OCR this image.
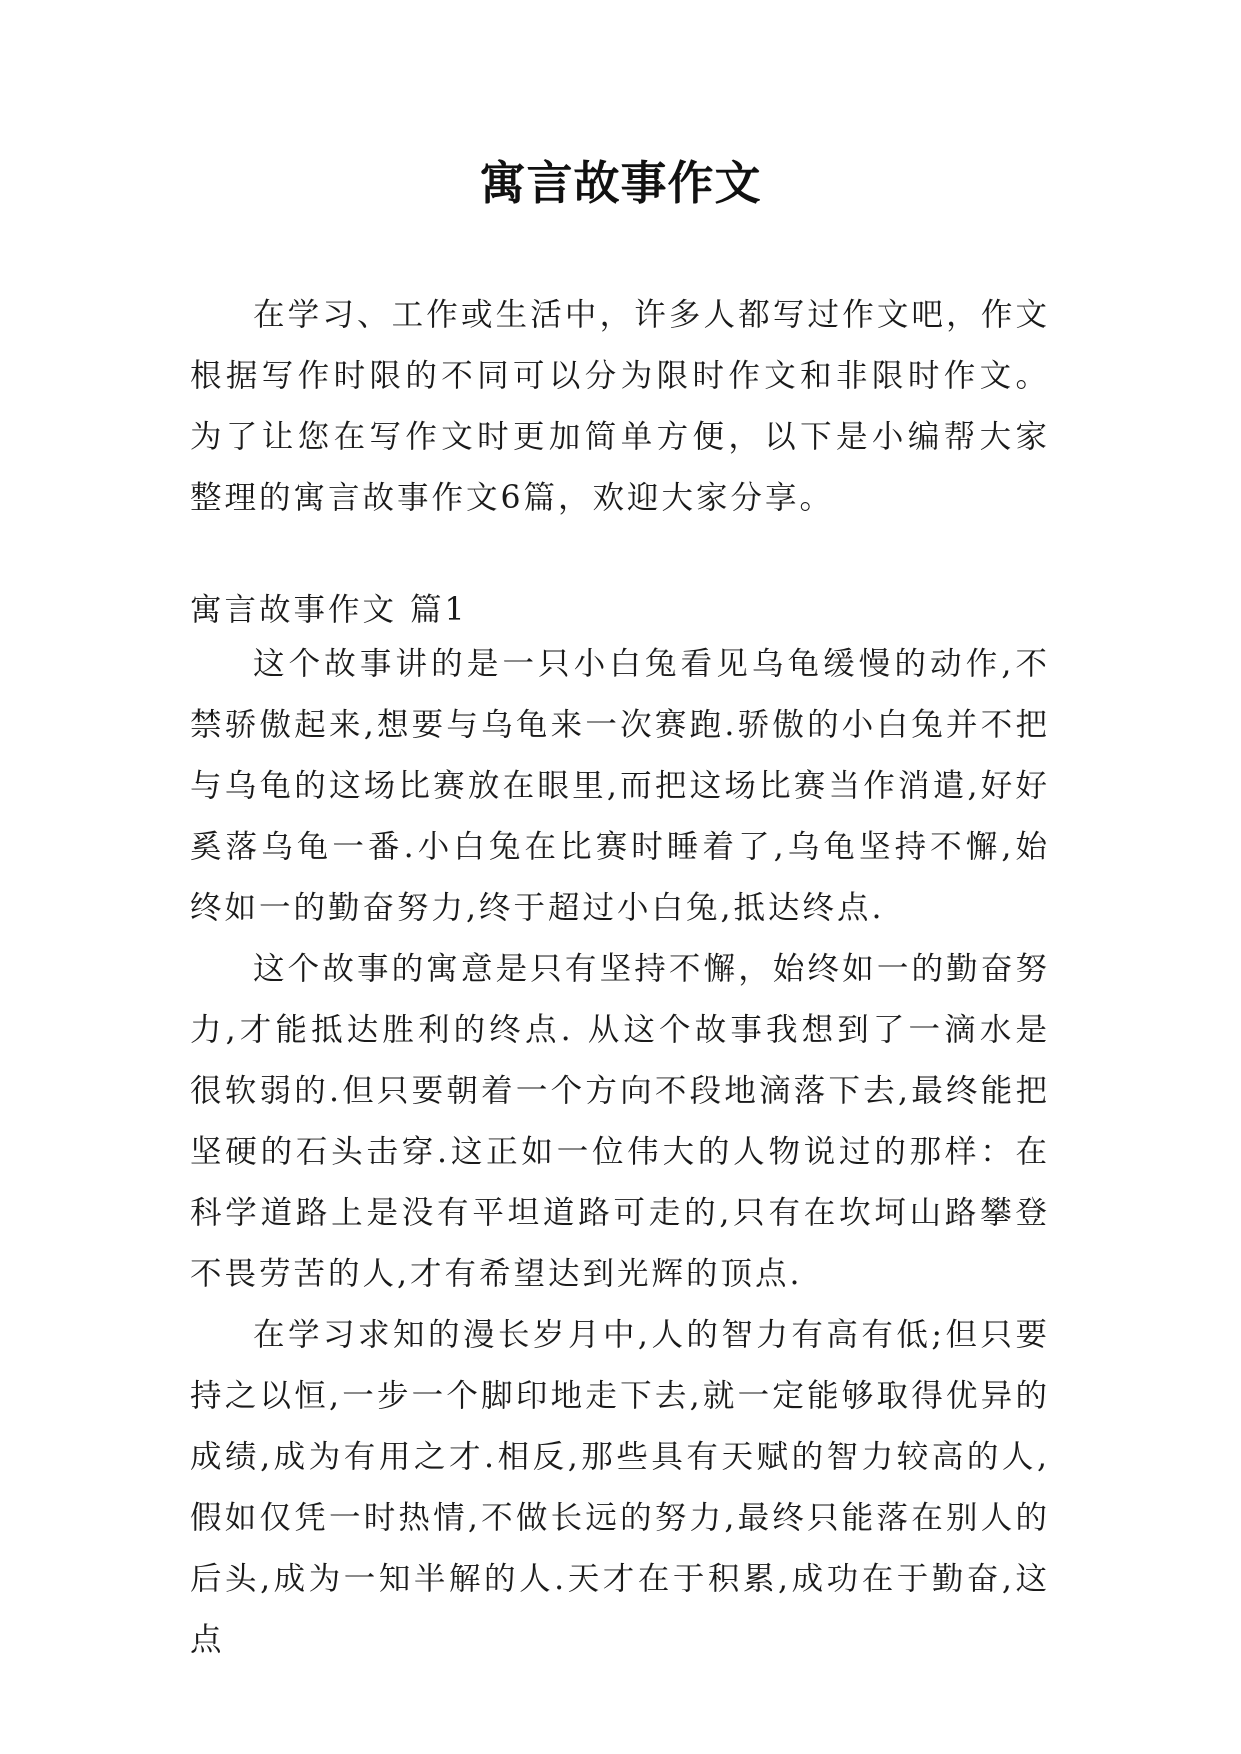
寓言故事作文

在学习、工作或生活中，许多人都写过作文吧，作文根据写作时限的不同可以分为限时作文和非限时作文。为了让您在写作文时更加简单方便，以下是小编帮大家整理的寓言故事作文6篇，欢迎大家分享。

寓言故事作文 篇1

这个故事讲的是一只小白兔看见乌龟缓慢的动作,不禁骄傲起来,想要与乌龟来一次赛跑.骄傲的小白兔并不把与乌龟的这场比赛放在眼里,而把这场比赛当作消遣,好好奚落乌龟一番.小白兔在比赛时睡着了,乌龟坚持不懈,始终如一的勤奋努力,终于超过小白兔,抵达终点.

这个故事的寓意是只有坚持不懈，始终如一的勤奋努力,才能抵达胜利的终点. 从这个故事我想到了一滴水是很软弱的.但只要朝着一个方向不段地滴落下去,最终能把坚硬的石头击穿.这正如一位伟大的人物说过的那样：在科学道路上是没有平坦道路可走的,只有在坎坷山路攀登不畏劳苦的人,才有希望达到光辉的顶点.

在学习求知的漫长岁月中,人的智力有高有低;但只要持之以恒,一步一个脚印地走下去,就一定能够取得优异的成绩,成为有用之才.相反,那些具有天赋的智力较高的人,假如仅凭一时热情,不做长远的努力,最终只能落在别人的后头,成为一知半解的人.天才在于积累,成功在于勤奋,这点
